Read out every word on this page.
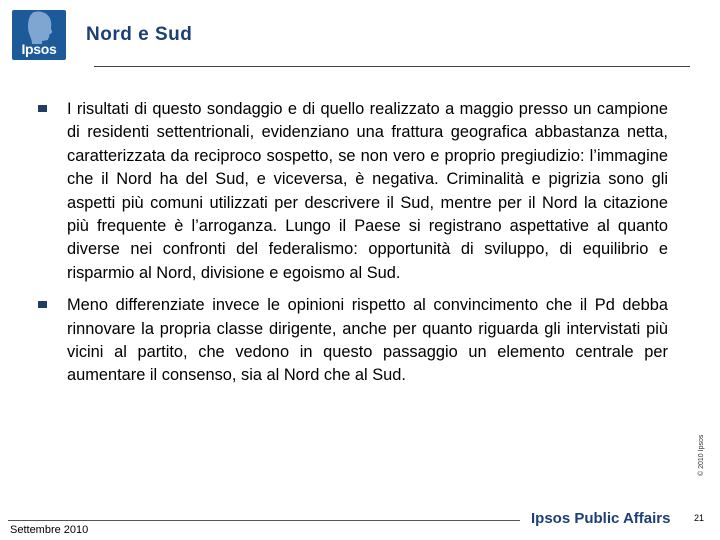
Ipsos
Nord e Sud
I risultati di questo sondaggio e di quello realizzato a maggio presso un campione di residenti settentrionali, evidenziano una frattura geografica abbastanza netta, caratterizzata da reciproco sospetto, se non vero e proprio pregiudizio: l’immagine che il Nord ha del Sud, e viceversa, è negativa. Criminalità e pigrizia sono gli aspetti più comuni utilizzati per descrivere il Sud, mentre per il Nord la citazione più frequente è l’arroganza. Lungo il Paese si registrano aspettative al quanto diverse nei confronti del federalismo: opportunità di sviluppo, di equilibrio e risparmio al Nord, divisione e egoismo al Sud.
Meno differenziate invece le opinioni rispetto al convincimento che il Pd debba rinnovare la propria classe dirigente, anche per quanto riguarda gli intervistati più vicini al partito, che vedono in questo passaggio un elemento centrale per aumentare il consenso, sia al Nord che al Sud.
© 2010 Ipsos
Settembre 2010
Ipsos Public Affairs	21
